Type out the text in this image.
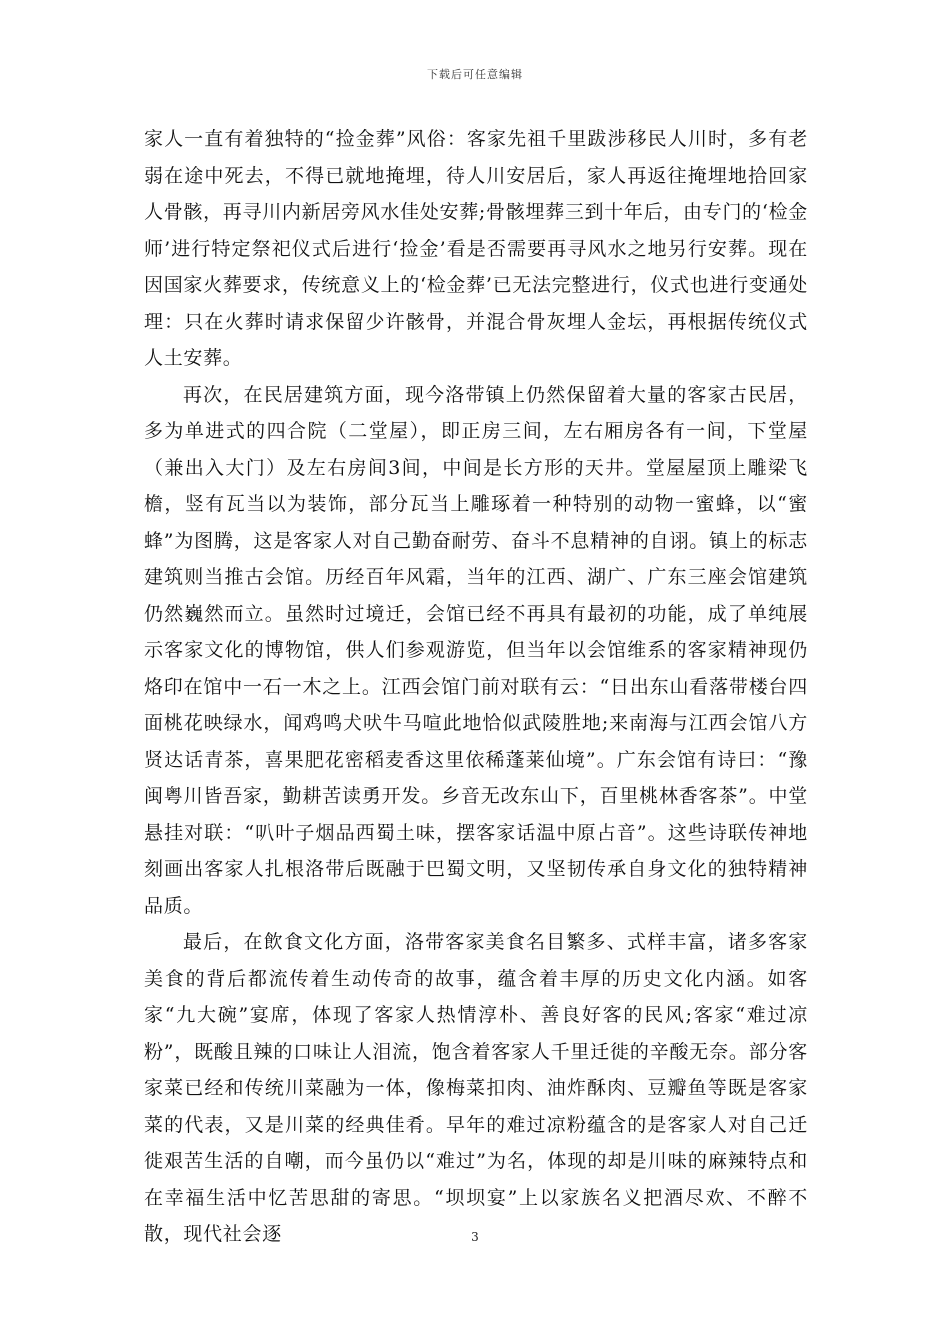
下载后可任意编辑

家人一直有着独特的“捡金葬”风俗：客家先祖千里跋涉移民人川时，多有老弱在途中死去，不得已就地掩埋，待人川安居后，家人再返往掩埋地拾回家人骨骸，再寻川内新居旁风水佳处安葬;骨骸埋葬三到十年后，由专门的‘检金师’进行特定祭祀仪式后进行‘捡金’看是否需要再寻风水之地另行安葬。现在因国家火葬要求，传统意义上的‘检金葬’已无法完整进行，仪式也进行变通处理：只在火葬时请求保留少许骸骨，并混合骨灰埋人金坛，再根据传统仪式人土安葬。

再次，在民居建筑方面，现今洛带镇上仍然保留着大量的客家古民居，多为单进式的四合院（二堂屋），即正房三间，左右厢房各有一间，下堂屋（兼出入大门）及左右房间3间，中间是长方形的天井。堂屋屋顶上雕梁飞檐，竖有瓦当以为装饰，部分瓦当上雕琢着一种特别的动物一蜜蜂，以“蜜蜂”为图腾，这是客家人对自己勤奋耐劳、奋斗不息精神的自诩。镇上的标志建筑则当推古会馆。历经百年风霜，当年的江西、湖广、广东三座会馆建筑仍然巍然而立。虽然时过境迁，会馆已经不再具有最初的功能，成了单纯展示客家文化的博物馆，供人们参观游览，但当年以会馆维系的客家精神现仍烙印在馆中一石一木之上。江西会馆门前对联有云：“日出东山看落带楼台四面桃花映绿水，闻鸡鸣犬吠牛马喧此地恰似武陵胜地;来南海与江西会馆八方贤达话青茶，喜果肥花密稻麦香这里依稀蓬莱仙境”。广东会馆有诗曰：“豫闽粤川皆吾家，勤耕苦读勇开发。乡音无改东山下，百里桃林香客茶”。中堂悬挂对联：“叭叶子烟品西蜀土味，摆客家话温中原占音”。这些诗联传神地刻画出客家人扎根洛带后既融于巴蜀文明，又坚韧传承自身文化的独特精神品质。

最后，在飲食文化方面，洛带客家美食名目繁多、式样丰富，诸多客家美食的背后都流传着生动传奇的故事，蕴含着丰厚的历史文化内涵。如客家“九大碗”宴席，体现了客家人热情淳朴、善良好客的民风;客家“难过凉粉”，既酸且辣的口味让人泪流，饱含着客家人千里迁徙的辛酸无奈。部分客家菜已经和传统川菜融为一体，像梅菜扣肉、油炸酥肉、豆瓣鱼等既是客家菜的代表，又是川菜的经典佳肴。早年的难过凉粉蕴含的是客家人对自己迁徙艰苦生活的自嘲，而今虽仍以“难过”为名，体现的却是川味的麻辣特点和在幸福生活中忆苦思甜的寄思。“坝坝宴”上以家族名义把酒尽欢、不醉不散，现代社会逐	3
